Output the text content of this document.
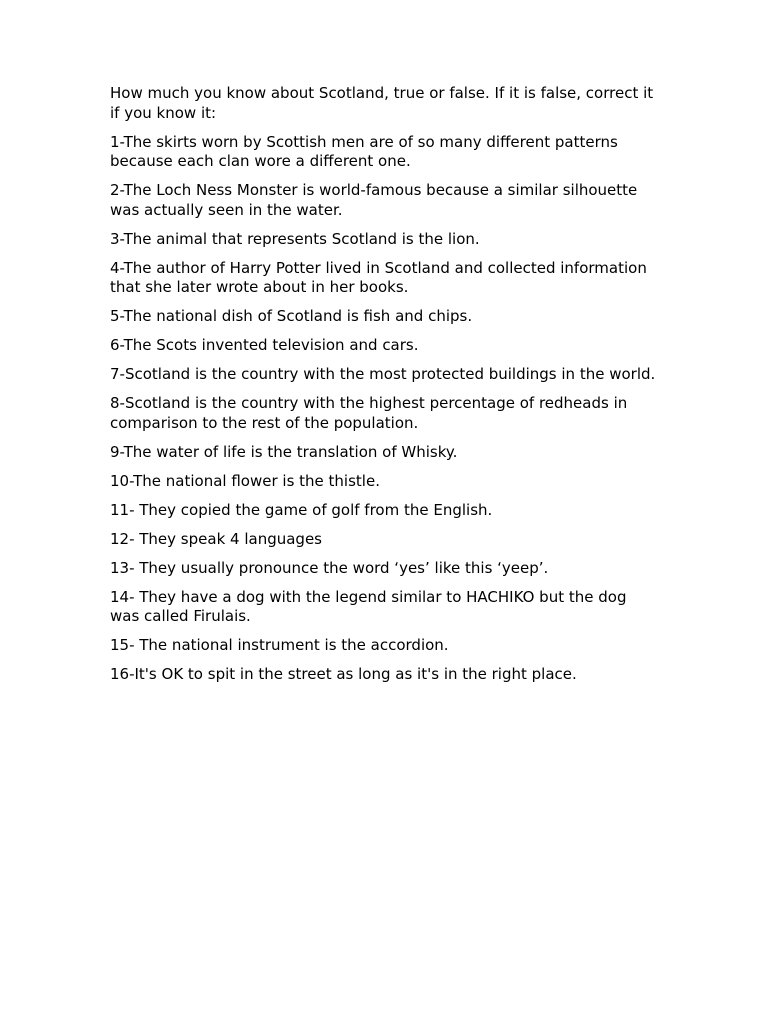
How much you know about Scotland, true or false. If it is false, correct it if you know it:

1-The skirts worn by Scottish men are of so many different patterns because each clan wore a different one.

2-The Loch Ness Monster is world-famous because a similar silhouette was actually seen in the water.

3-The animal that represents Scotland is the lion.

4-The author of Harry Potter lived in Scotland and collected information that she later wrote about in her books.

5-The national dish of Scotland is fish and chips.

6-The Scots invented television and cars.

7-Scotland is the country with the most protected buildings in the world.

8-Scotland is the country with the highest percentage of redheads in comparison to the rest of the population.

9-The water of life is the translation of Whisky.

10-The national flower is the thistle.

11- They copied the game of golf from the English.

12- They speak 4 languages

13- They usually pronounce the word ‘yes’ like this ‘yeep’.

14- They have a dog with the legend similar to HACHIKO but the dog was called Firulais.

15- The national instrument is the accordion.

16-It's OK to spit in the street as long as it's in the right place.
